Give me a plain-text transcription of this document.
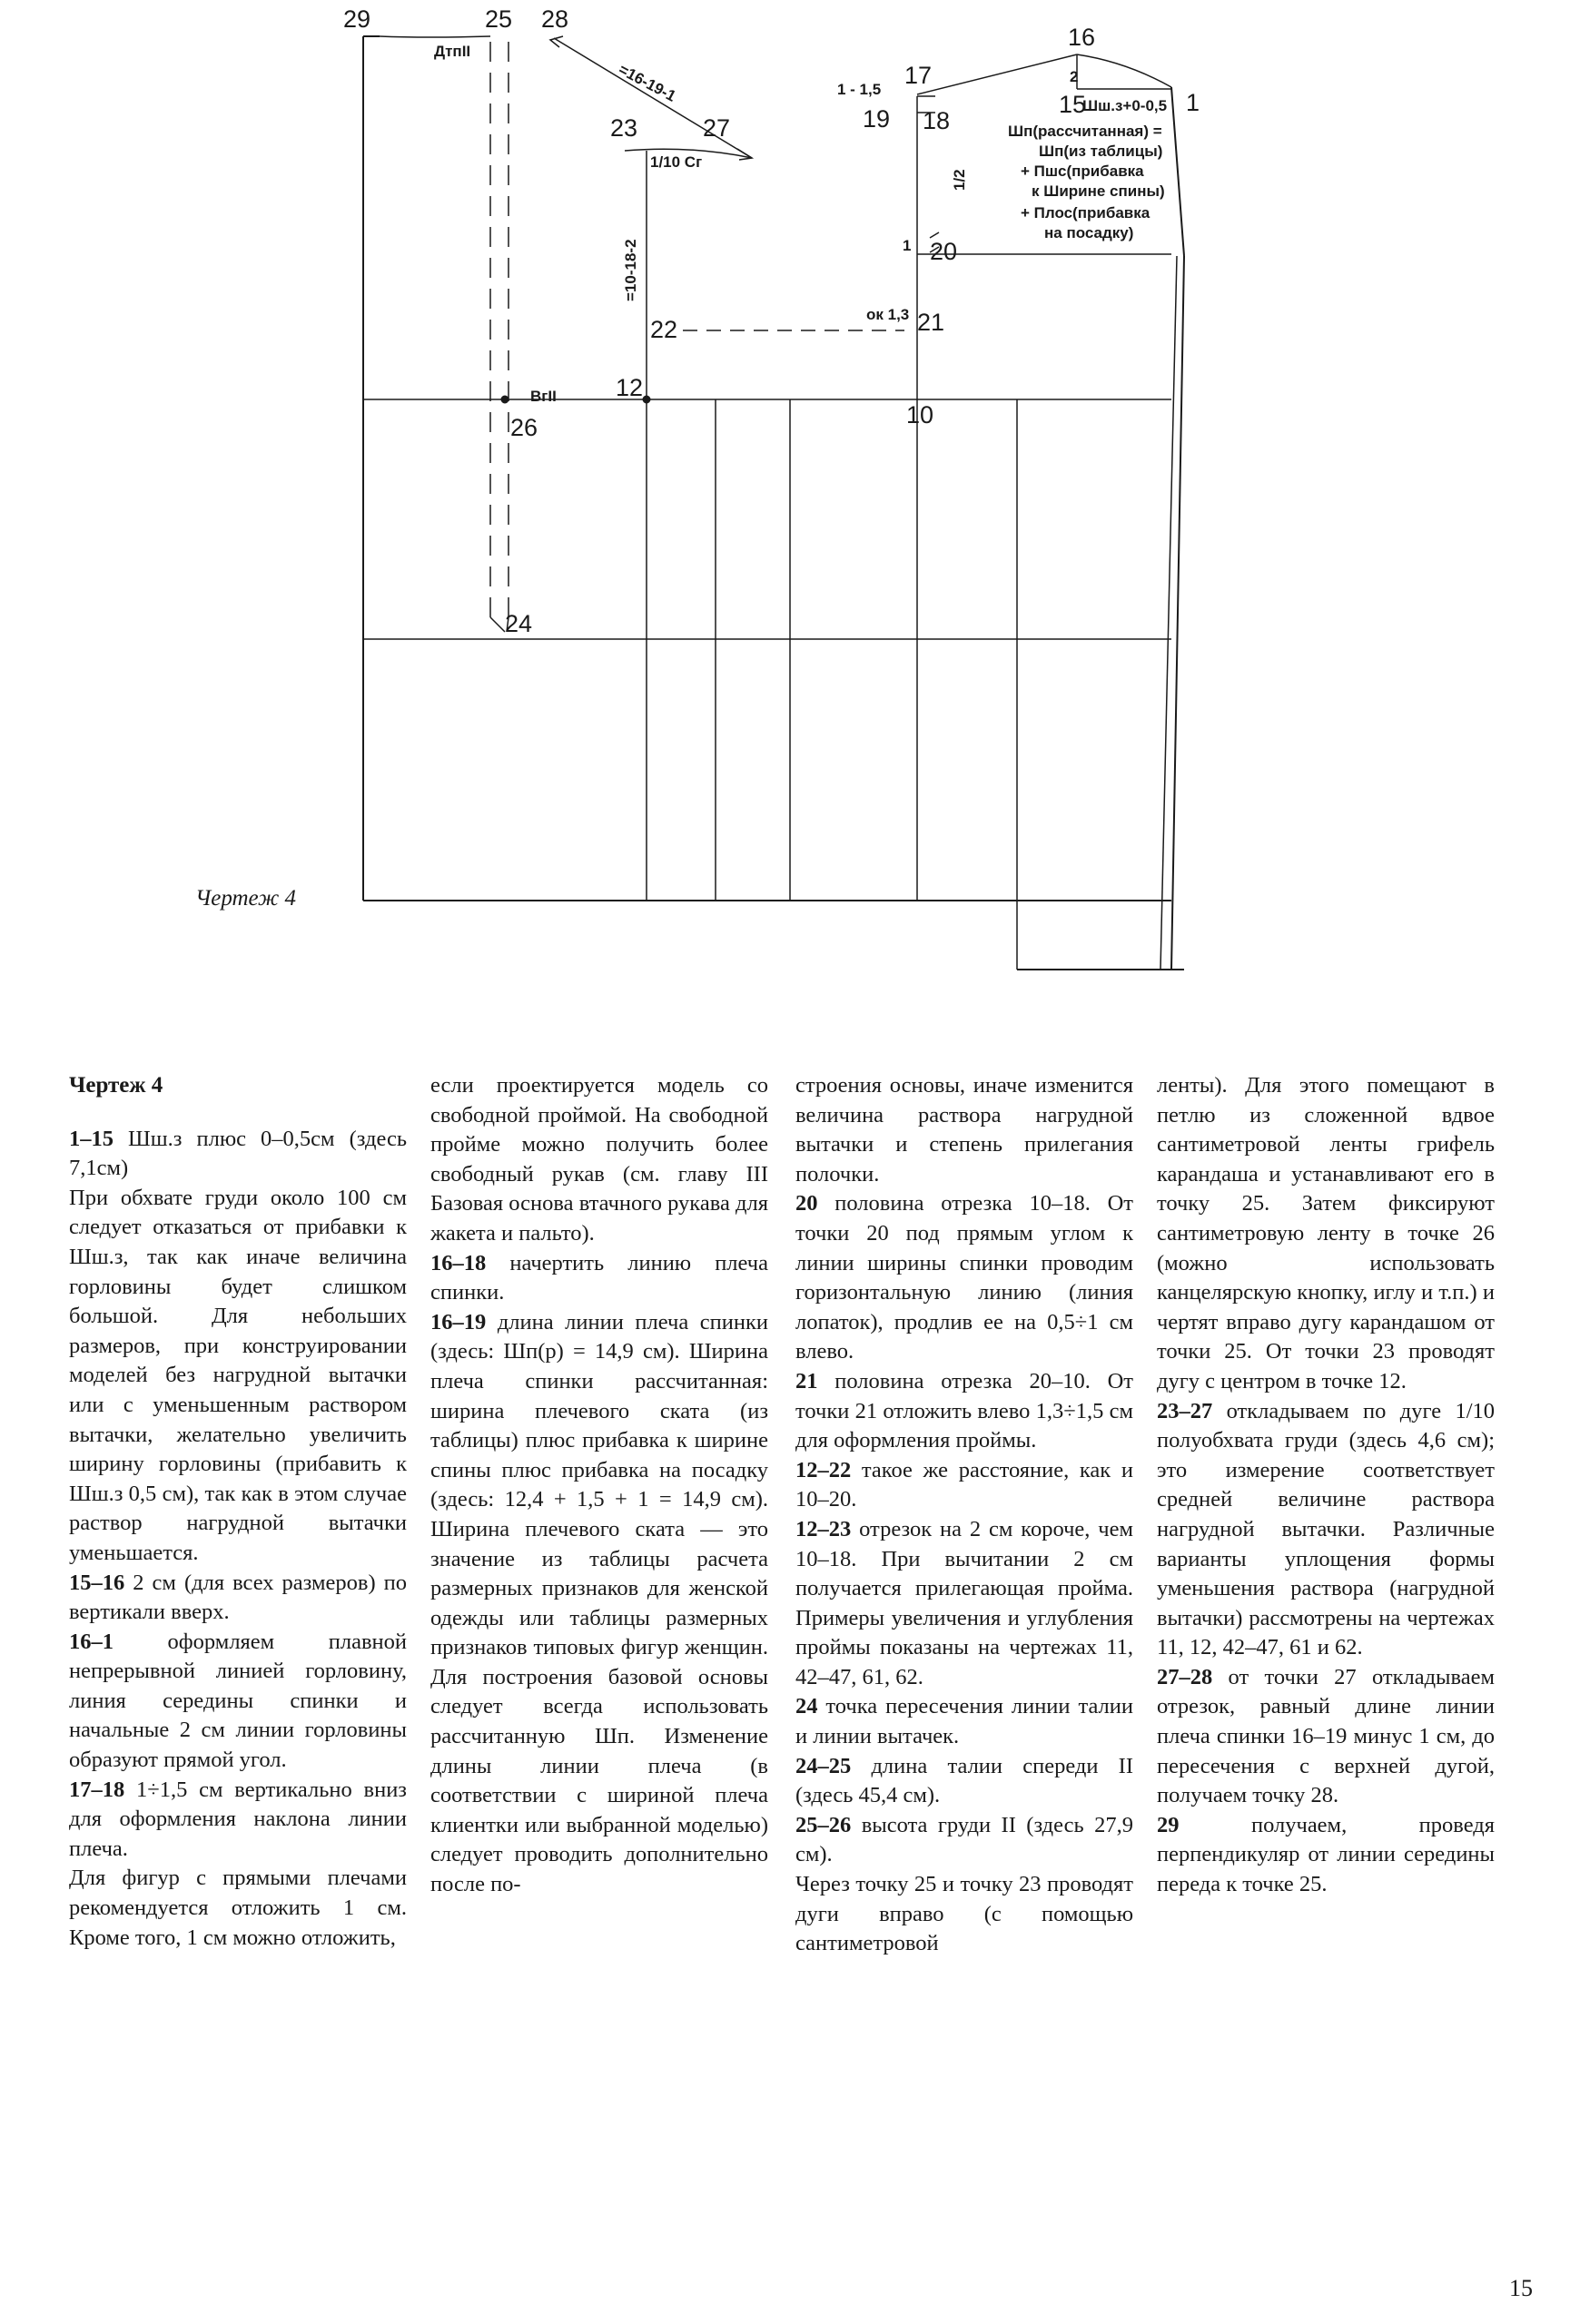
29	25 28
23	27
22
12
26
24
17
16
15	1
19 18
20
21
10
ДтпII
ВгII
=16-19-1
1/10 Сг
=10-18-2
ок 1,3
1 - 1,5
2
1
1/2
Шш.з+0-0,5
Шп(рассчитанная) =
Шп(из таблицы)
+ Пшс(прибавка
к Ширине спины)
+ Плос(прибавка
на посадку)
Чертеж 4

Чертеж 4

1–15 Шш.з плюс 0–0,5см (здесь 7,1см)

При обхвате груди около 100 см следует отказаться от прибавки к Шш.з, так как иначе величина горловины будет слишком большой. Для небольших размеров, при конструировании моделей без нагрудной вытачки или с уменьшенным раствором вытачки, желательно увеличить ширину горловины (прибавить к Шш.з 0,5 см), так как в этом случае раствор нагрудной вытачки уменьшается.

15–16 2 см (для всех размеров) по вертикали вверх.

16–1 оформляем плавной непрерывной линией горловину, линия середины спинки и начальные 2 см линии горловины образуют прямой угол.

17–18 1÷1,5 см вертикально вниз для оформления наклона линии плеча.

Для фигур с прямыми плечами рекомендуется отложить 1 см. Кроме того, 1 см можно отложить,

если проектируется модель со свободной проймой. На свободной пройме можно получить более свободный рукав (см. главу III Базовая основа втачного рукава для жакета и пальто).

16–18 начертить линию плеча спинки.

16–19 длина линии плеча спинки (здесь: Шп(р) = 14,9 см). Ширина плеча спинки рассчитанная: ширина плечевого ската (из таблицы) плюс прибавка к ширине спины плюс прибавка на посадку (здесь: 12,4 + 1,5 + 1 = 14,9 см). Ширина плечевого ската — это значение из таблицы расчета размерных признаков для женской одежды или таблицы размерных признаков типовых фигур женщин. Для построения базовой основы следует всегда использовать рассчитанную Шп. Изменение длины линии плеча (в соответствии с шириной плеча клиентки или выбранной моделью) следует проводить дополнительно после по-

строения основы, иначе изменится величина раствора нагрудной вытачки и степень прилегания полочки.

20 половина отрезка 10–18. От точки 20 под прямым углом к линии ширины спинки проводим горизонтальную линию (линия лопаток), продлив ее на 0,5÷1 см влево.

21 половина отрезка 20–10. От точки 21 отложить влево 1,3÷1,5 см для оформления проймы.

12–22 такое же расстояние, как и 10–20.

12–23 отрезок на 2 см короче, чем 10–18. При вычитании 2 см получается прилегающая пройма. Примеры увеличения и углубления проймы показаны на чертежах 11, 42–47, 61, 62.

24 точка пересечения линии талии и линии вытачек.

24–25 длина талии спереди II (здесь 45,4 см).

25–26 высота груди II (здесь 27,9 см).

Через точку 25 и точку 23 проводят дуги вправо (с помощью сантиметровой

ленты). Для этого помещают в петлю из сложенной вдвое сантиметровой ленты грифель карандаша и устанавливают его в точку 25. Затем фиксируют сантиметровую ленту в точке 26 (можно использовать канцелярскую кнопку, иглу и т.п.) и чертят вправо дугу карандашом от точки 25. От точки 23 проводят дугу с центром в точке 12.

23–27 откладываем по дуге 1/10 полуобхвата груди (здесь 4,6 см); это измерение соответствует средней величине раствора нагрудной вытачки. Различные варианты уплощения формы уменьшения раствора (нагрудной вытачки) рассмотрены на чертежах 11, 12, 42–47, 61 и 62.

27–28 от точки 27 откладываем отрезок, равный длине линии плеча спинки 16–19 минус 1 см, до пересечения с верхней дугой, получаем точку 28.

29 получаем, проведя перпендикуляр от линии середины переда к точке 25.

15
